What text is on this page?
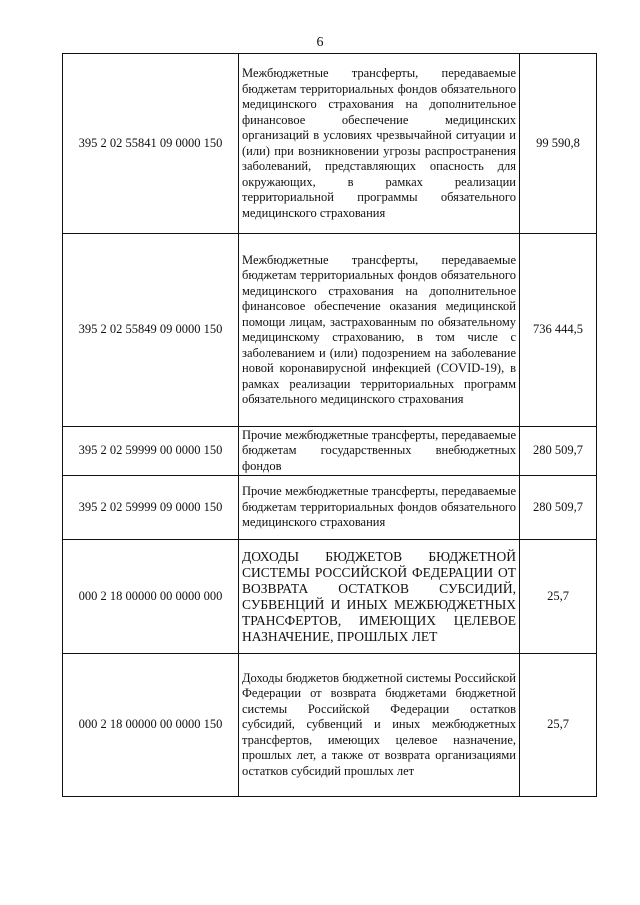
6
395 2 02 55841 09 0000 150	Межбюджетные трансферты, передаваемые бюджетам территориальных фондов обязательного медицинского страхования на дополнительное финансовое обеспечение медицинских организаций в условиях чрезвычайной ситуации и (или) при возникновении угрозы распространения заболеваний, представляющих опасность для окружающих, в рамках реализации территориальной программы обязательного медицинского страхования	99 590,8
395 2 02 55849 09 0000 150	Межбюджетные трансферты, передаваемые бюджетам территориальных фондов обязательного медицинского страхования на дополнительное финансовое обеспечение оказания медицинской помощи лицам, застрахованным по обязательному медицинскому страхованию, в том числе с заболеванием и (или) подозрением на заболевание новой коронавирусной инфекцией (COVID-19), в рамках реализации территориальных программ обязательного медицинского страхования	736 444,5
395 2 02 59999 00 0000 150	Прочие межбюджетные трансферты, передаваемые бюджетам государственных внебюджетных фондов	280 509,7
395 2 02 59999 09 0000 150	Прочие межбюджетные трансферты, передаваемые бюджетам территориальных фондов обязательного медицинского страхования	280 509,7
000 2 18 00000 00 0000 000	ДОХОДЫ БЮДЖЕТОВ БЮДЖЕТНОЙ СИСТЕМЫ РОССИЙСКОЙ ФЕДЕРАЦИИ ОТ ВОЗВРАТА ОСТАТКОВ СУБСИДИЙ, СУБВЕНЦИЙ И ИНЫХ МЕЖБЮДЖЕТНЫХ ТРАНСФЕРТОВ, ИМЕЮЩИХ ЦЕЛЕВОЕ НАЗНАЧЕНИЕ, ПРОШЛЫХ ЛЕТ	25,7
000 2 18 00000 00 0000 150	Доходы бюджетов бюджетной системы Российской Федерации от возврата бюджетами бюджетной системы Российской Федерации остатков субсидий, субвенций и иных межбюджетных трансфертов, имеющих целевое назначение, прошлых лет, а также от возврата организациями остатков субсидий прошлых лет	25,7
